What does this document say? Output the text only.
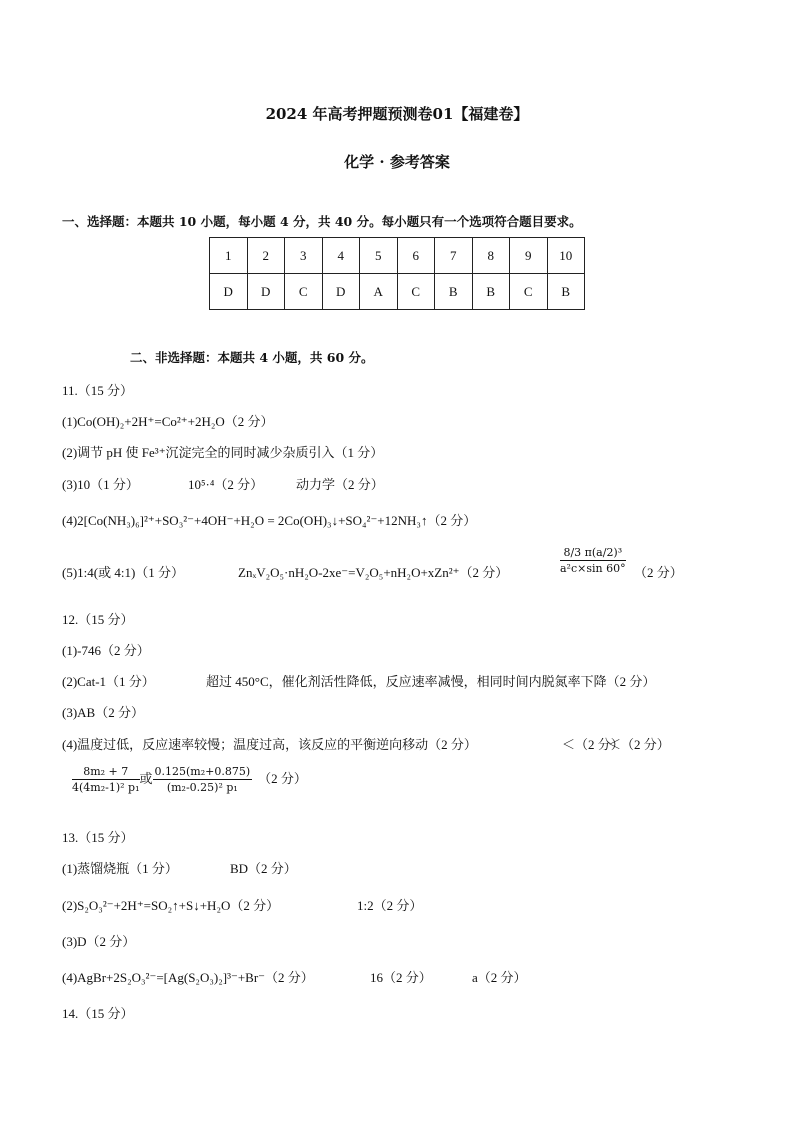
2024 年高考押题预测卷01【福建卷】
化学 · 参考答案
一、选择题：本题共 10 小题，每小题 4 分，共 40 分。每小题只有一个选项符合题目要求。
1	2	3	4	5	6	7	8	9	10
D	D	C	D	A	C	B	B	C	B
二、非选择题：本题共 4 小题，共 60 分。
11.（15 分）
(1)Co(OH)₂+2H⁺=Co²⁺+2H₂O（2 分）
(2)调节 pH 使 Fe³⁺沉淀完全的同时减少杂质引入（1 分）
(3)10（1 分）	10⁵·⁴（2 分）	动力学（2 分）
(4)2[Co(NH₃)₆]²⁺+SO₃²⁻+4OH⁻+H₂O = 2Co(OH)₃↓+SO₄²⁻+12NH₃↑（2 分）
(5)1:4(或 4:1)（1 分）	ZnₓV₂O₅·nH₂O-2xe⁻=V₂O₅+nH₂O+xZn²⁺（2 分）	$\frac{\text{8/3 π(a/2)³}}{\text{a²c×sin 60°}} (2$ 分）
12.（15 分）
(1)-746（2 分）
(2)Cat-1（1 分）	超过 450°C，催化剂活性降低，反应速率减慢，相同时间内脱氮率下降（2 分）
(3)AB（2 分）
(4)温度过低，反应速率较慢；温度过高，该反应的平衡逆向移动（2 分）	＜（2 分）
＜（2 分）
$\frac{\text{8m₂ + 7}}{\text{4(4m₂-1)² p₁}}$ 或 $\frac{\text{0.125(m₂+0.875)}}{\text{(m₂-0.25)² p₁}} (2$ 分）
13.（15 分）
(1)蒸馏烧瓶（1 分）	BD（2 分）
(2)S₂O₃²⁻+2H⁺=SO₂↑+S↓+H₂O（2 分）	1:2（2 分）
(3)D（2 分）
(4)AgBr+2S₂O₃²⁻=[Ag(S₂O₃)₂]³⁻+Br⁻（2 分）	16（2 分）	a（2 分）
14.（15 分）
